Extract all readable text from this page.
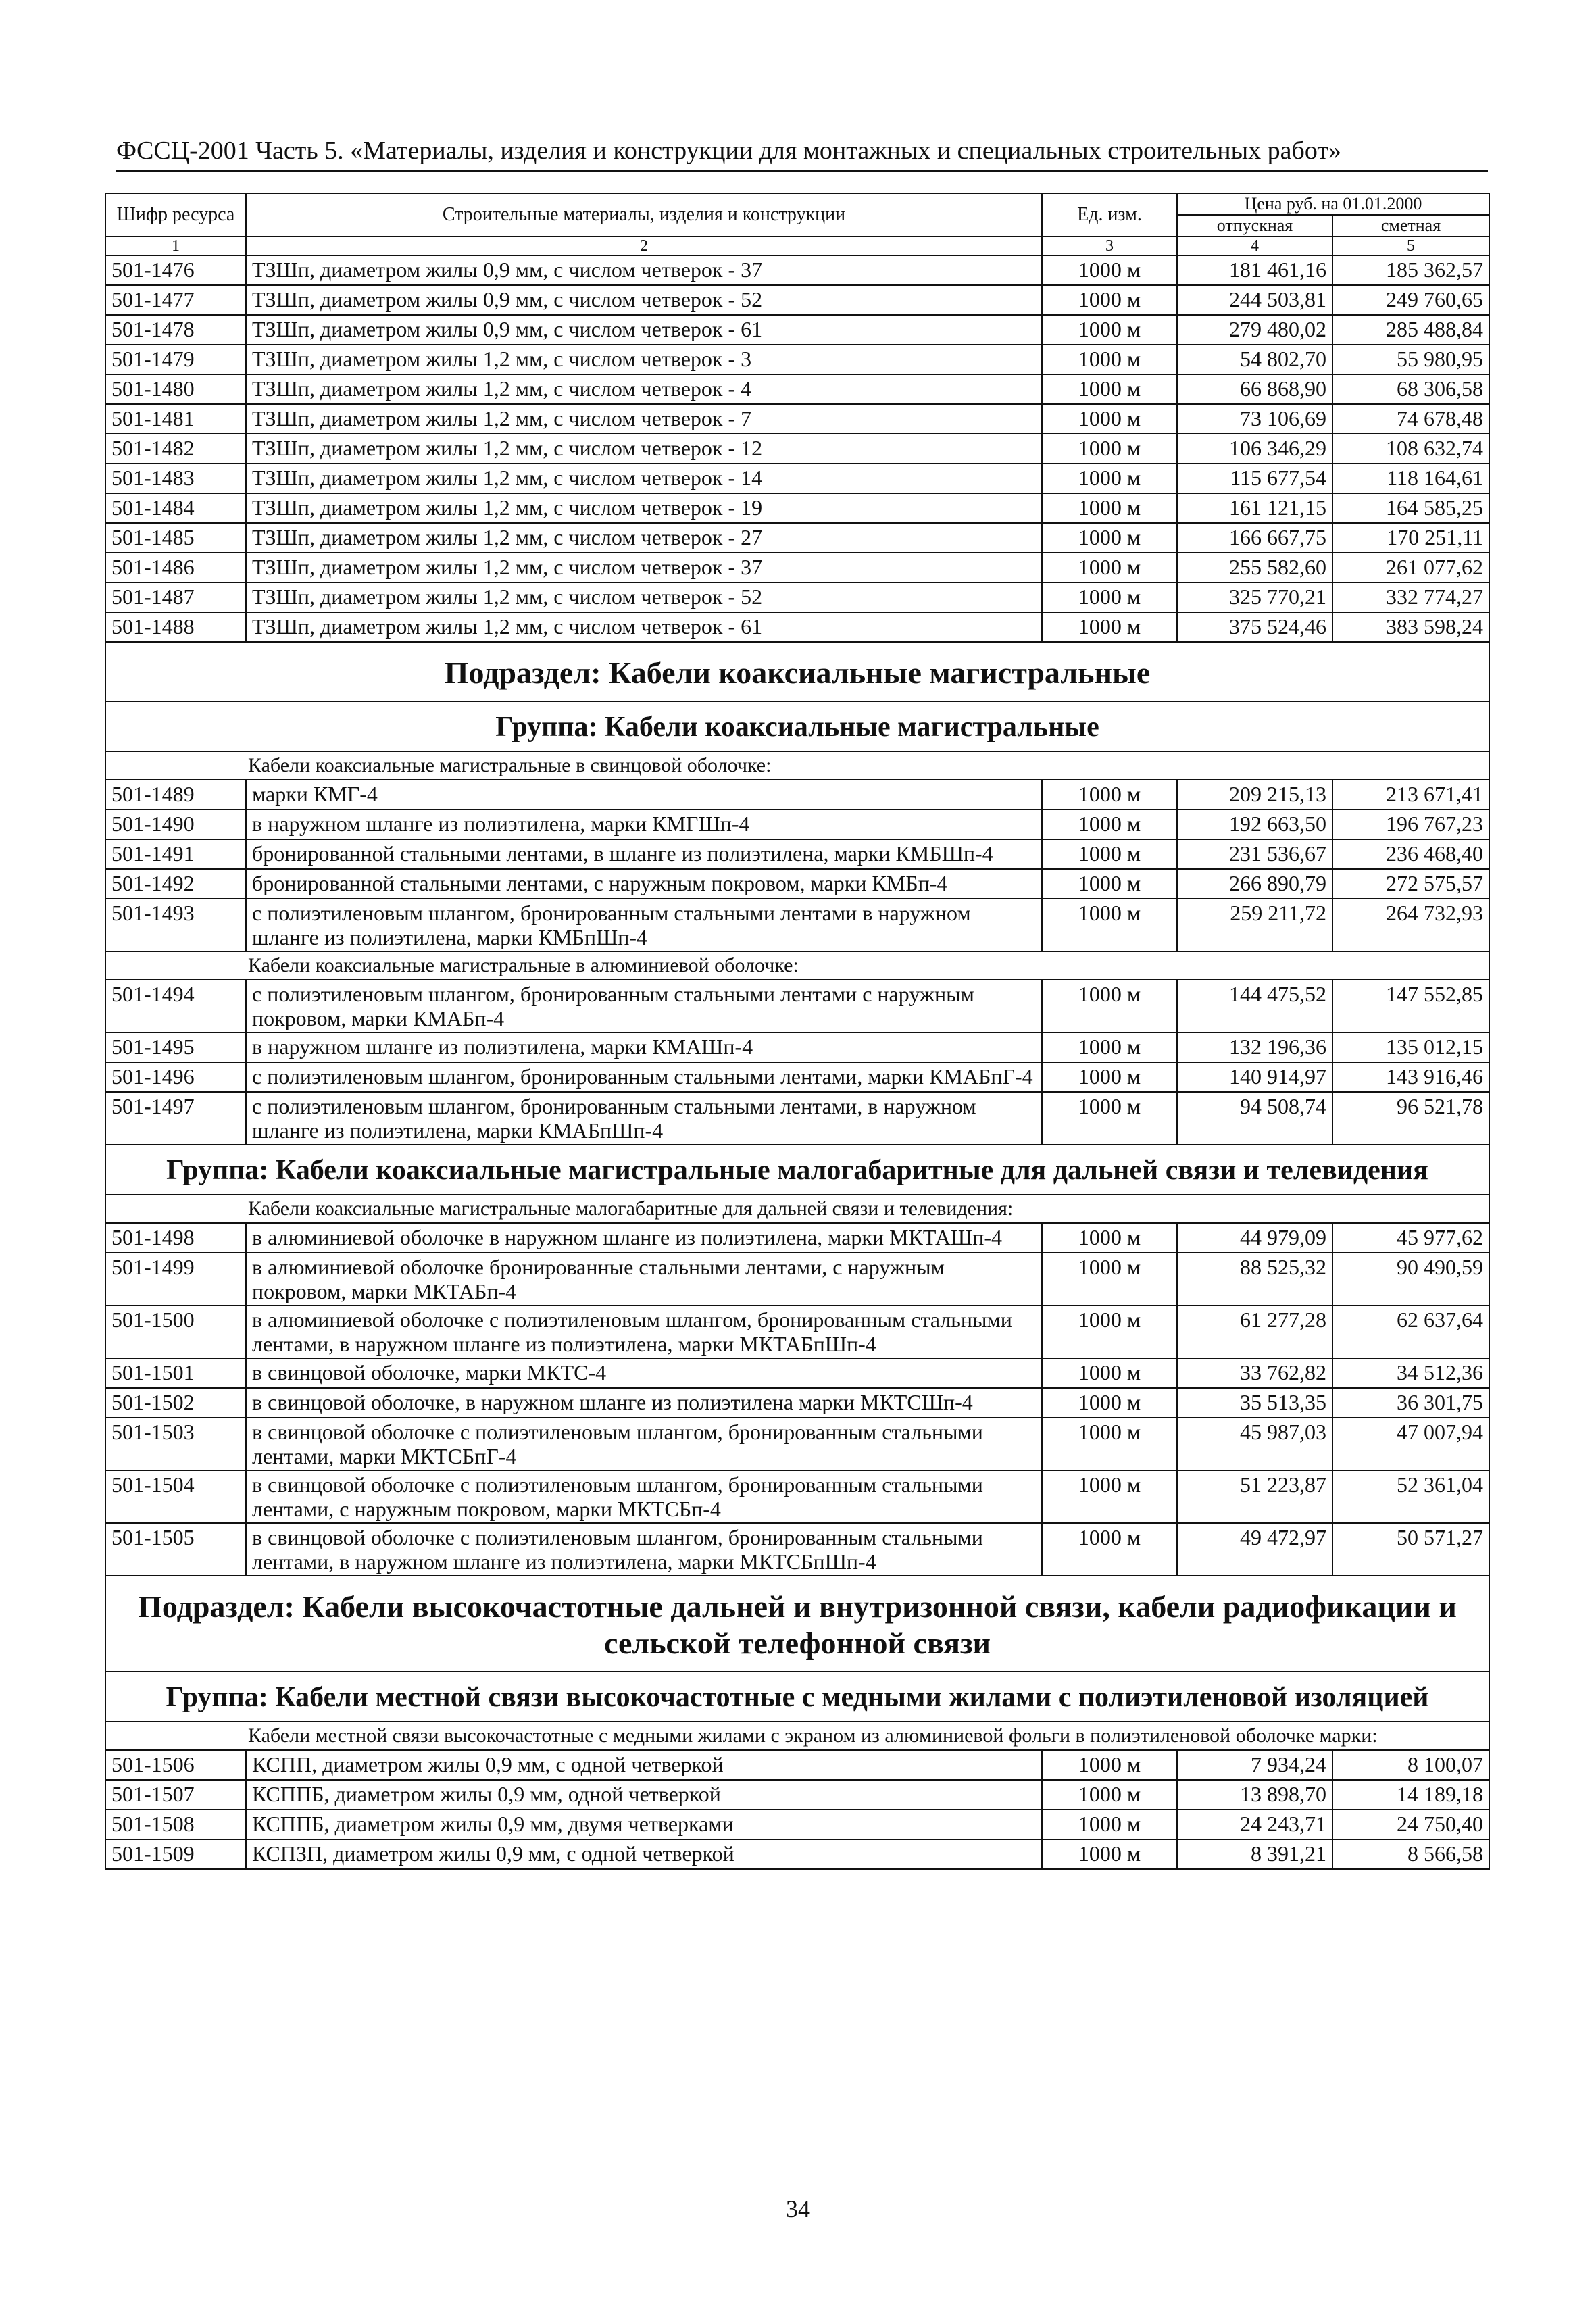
ФССЦ-2001 Часть 5. «Материалы, изделия и конструкции для монтажных и специальных строительных работ»
Шифр ресурса	Строительные материалы, изделия и конструкции	Ед. изм.	Цена руб. на 01.01.2000	
			отпускная	сметная
1	2	3	4	5
501-1476	ТЗШп, диаметром жилы 0,9 мм, с числом четверок - 37	1000 м	181 461,16	185 362,57
501-1477	ТЗШп, диаметром жилы 0,9 мм, с числом четверок - 52	1000 м	244 503,81	249 760,65
501-1478	ТЗШп, диаметром жилы 0,9 мм, с числом четверок - 61	1000 м	279 480,02	285 488,84
501-1479	ТЗШп, диаметром жилы 1,2 мм, с числом четверок - 3	1000 м	54 802,70	55 980,95
501-1480	ТЗШп, диаметром жилы 1,2 мм, с числом четверок - 4	1000 м	66 868,90	68 306,58
501-1481	ТЗШп, диаметром жилы 1,2 мм, с числом четверок - 7	1000 м	73 106,69	74 678,48
501-1482	ТЗШп, диаметром жилы 1,2 мм, с числом четверок - 12	1000 м	106 346,29	108 632,74
501-1483	ТЗШп, диаметром жилы 1,2 мм, с числом четверок - 14	1000 м	115 677,54	118 164,61
501-1484	ТЗШп, диаметром жилы 1,2 мм, с числом четверок - 19	1000 м	161 121,15	164 585,25
501-1485	ТЗШп, диаметром жилы 1,2 мм, с числом четверок - 27	1000 м	166 667,75	170 251,11
501-1486	ТЗШп, диаметром жилы 1,2 мм, с числом четверок - 37	1000 м	255 582,60	261 077,62
501-1487	ТЗШп, диаметром жилы 1,2 мм, с числом четверок - 52	1000 м	325 770,21	332 774,27
501-1488	ТЗШп, диаметром жилы 1,2 мм, с числом четверок - 61	1000 м	375 524,46	383 598,24
Подраздел: Кабели коаксиальные магистральные				
Группа: Кабели коаксиальные магистральные				
Кабели коаксиальные магистральные в свинцовой оболочке:				
501-1489	марки КМГ-4	1000 м	209 215,13	213 671,41
501-1490	в наружном шланге из полиэтилена, марки КМГШп-4	1000 м	192 663,50	196 767,23
501-1491	бронированной стальными лентами, в шланге из полиэтилена, марки КМБШп-4	1000 м	231 536,67	236 468,40
501-1492	бронированной стальными лентами, с наружным покровом, марки КМБп-4	1000 м	266 890,79	272 575,57
501-1493	с полиэтиленовым шлангом, бронированным стальными лентами в наружном шланге из полиэтилена, марки КМБпШп-4	1000 м	259 211,72	264 732,93
Кабели коаксиальные магистральные в алюминиевой оболочке:				
501-1494	с полиэтиленовым шлангом, бронированным стальными лентами с наружным покровом, марки КМАБп-4	1000 м	144 475,52	147 552,85
501-1495	в наружном шланге из полиэтилена, марки КМАШп-4	1000 м	132 196,36	135 012,15
501-1496	с полиэтиленовым шлангом, бронированным стальными лентами, марки КМАБпГ-4	1000 м	140 914,97	143 916,46
501-1497	с полиэтиленовым шлангом, бронированным стальными лентами, в наружном шланге из полиэтилена, марки КМАБпШп-4	1000 м	94 508,74	96 521,78
Группа: Кабели коаксиальные магистральные малогабаритные для дальней связи и телевидения				
Кабели коаксиальные магистральные малогабаритные для дальней связи и телевидения:				
501-1498	в алюминиевой оболочке в наружном шланге из полиэтилена, марки МКТАШп-4	1000 м	44 979,09	45 977,62
501-1499	в алюминиевой оболочке бронированные стальными лентами, с наружным покровом, марки МКТАБп-4	1000 м	88 525,32	90 490,59
501-1500	в алюминиевой оболочке с полиэтиленовым шлангом, бронированным стальными лентами, в наружном шланге из полиэтилена, марки МКТАБпШп-4	1000 м	61 277,28	62 637,64
501-1501	в свинцовой оболочке, марки МКТС-4	1000 м	33 762,82	34 512,36
501-1502	в свинцовой оболочке, в наружном шланге из полиэтилена марки МКТСШп-4	1000 м	35 513,35	36 301,75
501-1503	в свинцовой оболочке с полиэтиленовым шлангом, бронированным стальными лентами, марки МКТСБпГ-4	1000 м	45 987,03	47 007,94
501-1504	в свинцовой оболочке с полиэтиленовым шлангом, бронированным стальными лентами, с наружным покровом, марки МКТСБп-4	1000 м	51 223,87	52 361,04
501-1505	в свинцовой оболочке с полиэтиленовым шлангом, бронированным стальными лентами, в наружном шланге из полиэтилена, марки МКТСБпШп-4	1000 м	49 472,97	50 571,27
Подраздел: Кабели высокочастотные дальней и внутризонной связи, кабели радиофикации и сельской телефонной связи				
Группа: Кабели местной связи высокочастотные с медными жилами с полиэтиленовой изоляцией				
Кабели местной связи высокочастотные с медными жилами с экраном из алюминиевой фольги в полиэтиленовой оболочке марки:				
501-1506	КСПП, диаметром жилы 0,9 мм, с одной четверкой	1000 м	7 934,24	8 100,07
501-1507	КСППБ, диаметром жилы 0,9 мм, одной четверкой	1000 м	13 898,70	14 189,18
501-1508	КСППБ, диаметром жилы 0,9 мм, двумя четверками	1000 м	24 243,71	24 750,40
501-1509	КСПЗП, диаметром жилы 0,9 мм, с одной четверкой	1000 м	8 391,21	8 566,58
34
